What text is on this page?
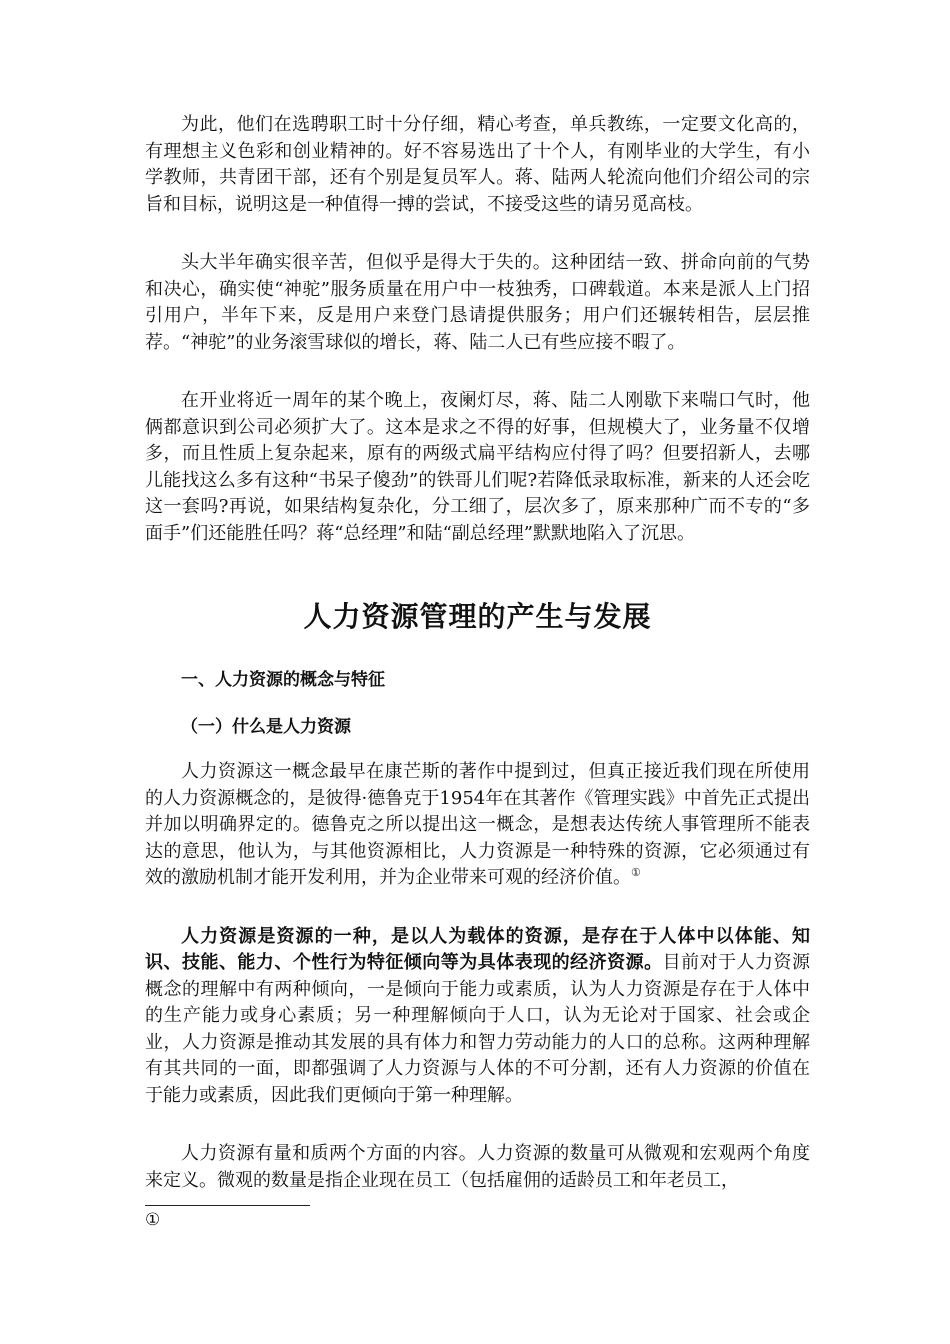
为此，他们在选聘职工时十分仔细，精心考查，单兵教练，一定要文化高的，有理想主义色彩和创业精神的。好不容易选出了十个人，有刚毕业的大学生，有小学教师，共青团干部，还有个别是复员军人。蒋、陆两人轮流向他们介绍公司的宗旨和目标，说明这是一种值得一搏的尝试，不接受这些的请另觅高枝。

头大半年确实很辛苦，但似乎是得大于失的。这种团结一致、拼命向前的气势和决心，确实使“神驼”服务质量在用户中一枝独秀，口碑载道。本来是派人上门招引用户，半年下来，反是用户来登门恳请提供服务；用户们还辗转相告，层层推荐。“神驼”的业务滚雪球似的增长，蒋、陆二人已有些应接不暇了。

在开业将近一周年的某个晚上，夜阑灯尽，蒋、陆二人刚歇下来喘口气时，他俩都意识到公司必须扩大了。这本是求之不得的好事，但规模大了，业务量不仅增多，而且性质上复杂起来，原有的两级式扁平结构应付得了吗？但要招新人，去哪儿能找这么多有这种“书呆子傻劲”的铁哥儿们呢?若降低录取标准，新来的人还会吃这一套吗?再说，如果结构复杂化，分工细了，层次多了，原来那种广而不专的“多面手”们还能胜任吗？蒋“总经理”和陆“副总经理”默默地陷入了沉思。

人力资源管理的产生与发展
一、人力资源的概念与特征
（一）什么是人力资源

人力资源这一概念最早在康芒斯的著作中提到过，但真正接近我们现在所使用的人力资源概念的，是彼得·德鲁克于1954年在其著作《管理实践》中首先正式提出并加以明确界定的。德鲁克之所以提出这一概念，是想表达传统人事管理所不能表达的意思，他认为，与其他资源相比，人力资源是一种特殊的资源，它必须通过有效的激励机制才能开发利用，并为企业带来可观的经济价值。①

人力资源是资源的一种，是以人为载体的资源，是存在于人体中以体能、知识、技能、能力、个性行为特征倾向等为具体表现的经济资源。目前对于人力资源概念的理解中有两种倾向，一是倾向于能力或素质，认为人力资源是存在于人体中的生产能力或身心素质；另一种理解倾向于人口，认为无论对于国家、社会或企业，人力资源是推动其发展的具有体力和智力劳动能力的人口的总称。这两种理解有其共同的一面，即都强调了人力资源与人体的不可分割，还有人力资源的价值在于能力或素质，因此我们更倾向于第一种理解。

人力资源有量和质两个方面的内容。人力资源的数量可从微观和宏观两个角度来定义。微观的数量是指企业现在员工（包括雇佣的适龄员工和年老员工，

①
